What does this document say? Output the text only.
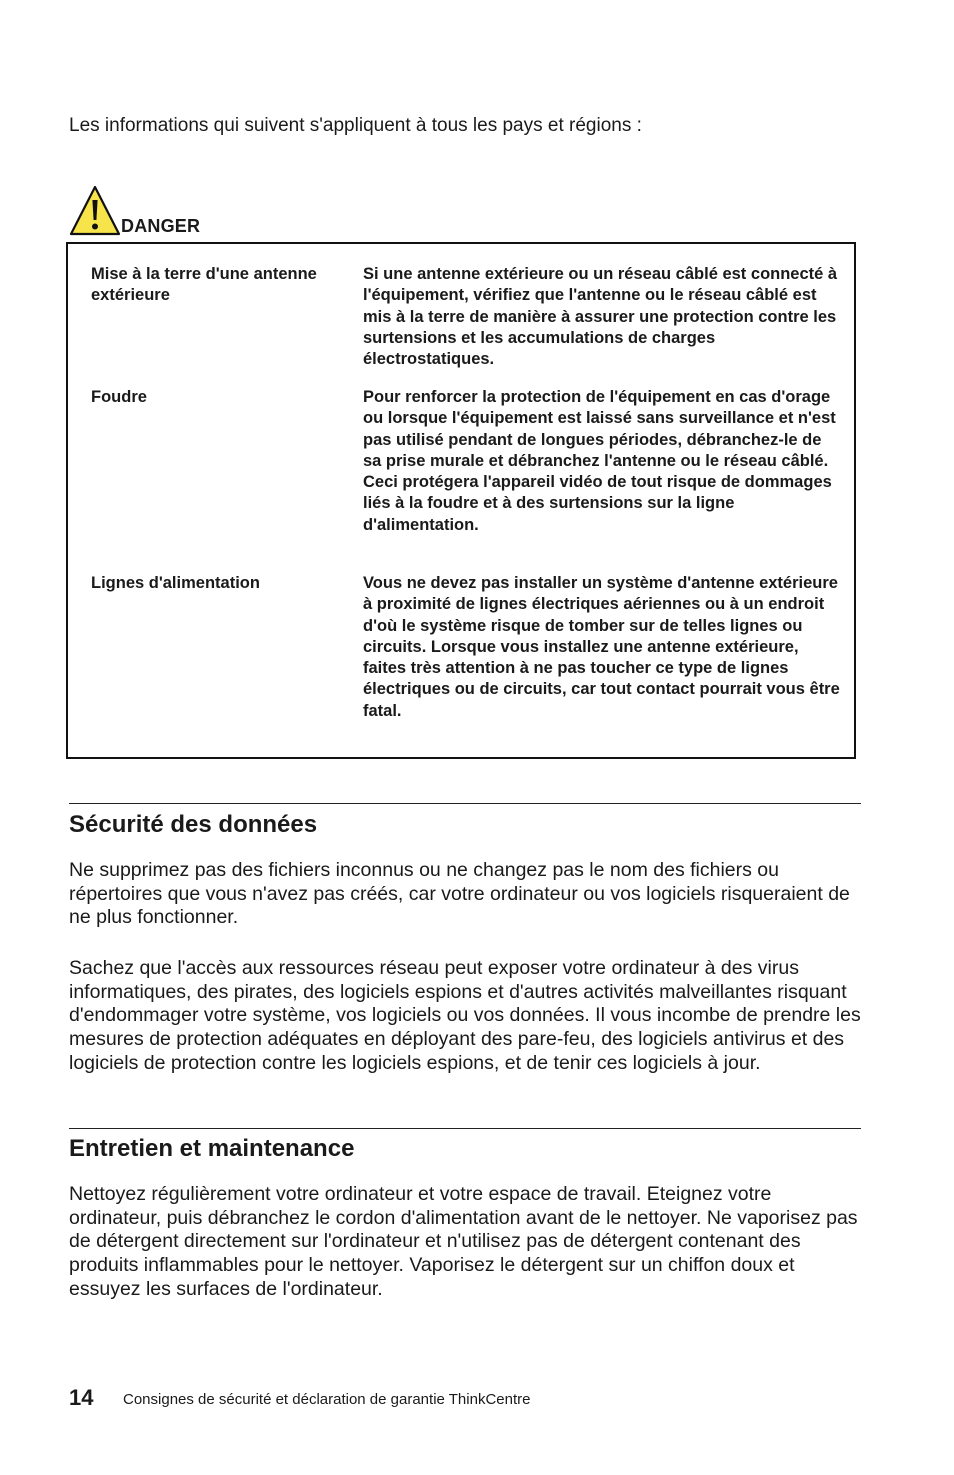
Les informations qui suivent s'appliquent à tous les pays et régions :

DANGER
Mise à la terre d'une antenne extérieure
Si une antenne extérieure ou un réseau câblé est connecté à l'équipement, vérifiez que l'antenne ou le réseau câblé est mis à la terre de manière à assurer une protection contre les surtensions et les accumulations de charges électrostatiques.
Foudre	Pour renforcer la protection de l'équipement en cas d'orage ou lorsque l'équipement est laissé sans surveillance et n'est pas utilisé pendant de longues périodes, débranchez-le de sa prise murale et débranchez l'antenne ou le réseau câblé. Ceci protégera l'appareil vidéo de tout risque de dommages liés à la foudre et à des surtensions sur la ligne d'alimentation.
Lignes d'alimentation	Vous ne devez pas installer un système d'antenne extérieure à proximité de lignes électriques aériennes ou à un endroit d'où le système risque de tomber sur de telles lignes ou circuits. Lorsque vous installez une antenne extérieure, faites très attention à ne pas toucher ce type de lignes électriques ou de circuits, car tout contact pourrait vous être fatal.
Sécurité des données

Ne supprimez pas des fichiers inconnus ou ne changez pas le nom des fichiers ou répertoires que vous n'avez pas créés, car votre ordinateur ou vos logiciels risqueraient de ne plus fonctionner.

Sachez que l'accès aux ressources réseau peut exposer votre ordinateur à des virus informatiques, des pirates, des logiciels espions et d'autres activités malveillantes risquant d'endommager votre système, vos logiciels ou vos données. Il vous incombe de prendre les mesures de protection adéquates en déployant des pare-feu, des logiciels antivirus et des logiciels de protection contre les logiciels espions, et de tenir ces logiciels à jour.

Entretien et maintenance

Nettoyez régulièrement votre ordinateur et votre espace de travail. Eteignez votre ordinateur, puis débranchez le cordon d'alimentation avant de le nettoyer. Ne vaporisez pas de détergent directement sur l'ordinateur et n'utilisez pas de détergent contenant des produits inflammables pour le nettoyer. Vaporisez le détergent sur un chiffon doux et essuyez les surfaces de l'ordinateur.

14 Consignes de sécurité et déclaration de garantie ThinkCentre
